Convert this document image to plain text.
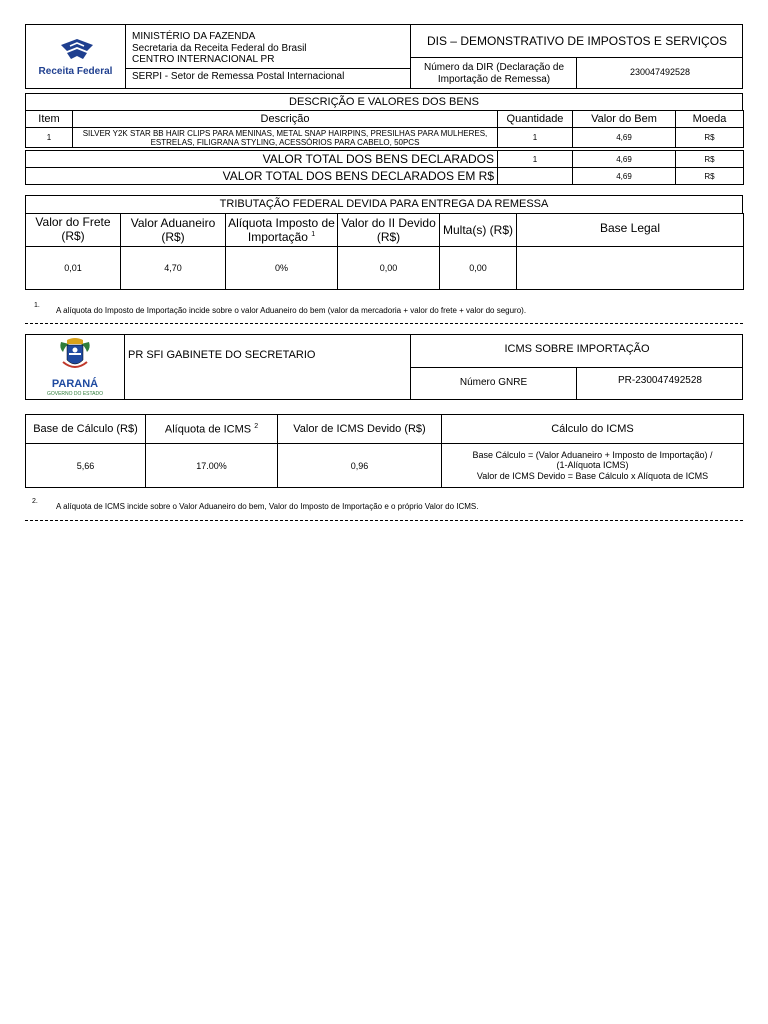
Receita Federal
MINISTÉRIO DA FAZENDA
Secretaria da Receita Federal do Brasil
CENTRO INTERNACIONAL PR
SERPI - Setor de Remessa Postal Internacional
DIS – DEMONSTRATIVO DE IMPOSTOS E SERVIÇOS
Número da DIR (Declaração de Importação de Remessa)
230047492528
DESCRIÇÃO E VALORES DOS BENS
Item	Descrição	Quantidade	Valor do Bem	Moeda
1	SILVER Y2K STAR BB HAIR CLIPS PARA MENINAS, METAL SNAP HAIRPINS, PRESILHAS PARA MULHERES, ESTRELAS, FILIGRANA STYLING, ACESSÓRIOS PARA CABELO, 50PCS	1	4,69	R$
VALOR TOTAL DOS BENS DECLARADOS	1	4,69	R$
VALOR TOTAL DOS BENS DECLARADOS EM R$		4,69	R$
TRIBUTAÇÃO FEDERAL DEVIDA PARA ENTREGA DA REMESSA
Valor do Frete (R$)	Valor Aduaneiro (R$)	Alíquota Imposto de Importação $^1$	Valor do II Devido (R$)	Multa(s) (R$)	Base Legal
0,01	4,70	0%	0,00	0,00	
1.
A alíquota do Imposto de Importação incide sobre o valor Aduaneiro do bem (valor da mercadoria + valor do frete + valor do seguro).
PARANÁ
GOVERNO DO ESTADO
PR SFI GABINETE DO SECRETARIO	ICMS SOBRE IMPORTAÇÃO
Número GNRE	PR-230047492528
Base de Cálculo (R$)	Alíquota de ICMS $^2$	Valor de ICMS Devido (R$)	Cálculo do ICMS
5,66	17.00%	0,96	Base Cálculo = (Valor Aduaneiro + Imposto de Importação) /
(1-Alíquota ICMS)
Valor de ICMS Devido = Base Cálculo x Alíquota de ICMS
2.
A alíquota de ICMS incide sobre o Valor Aduaneiro do bem, Valor do Imposto de Importação e o próprio Valor do ICMS.
